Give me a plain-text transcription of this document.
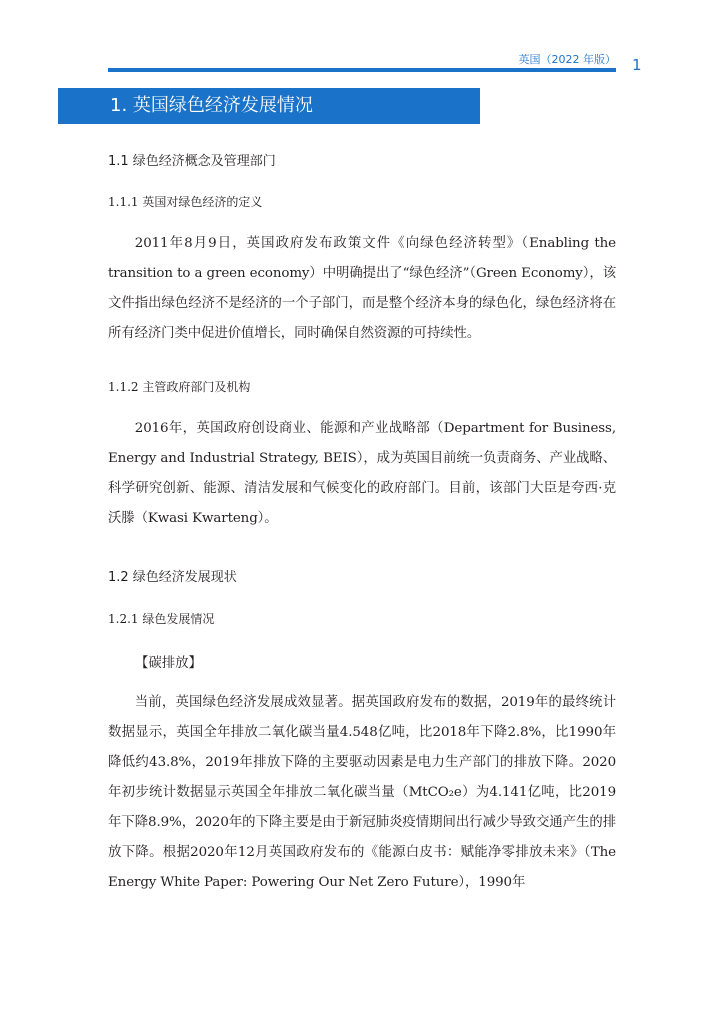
英国（2022 年版） 1
1. 英国绿色经济发展情况
1.1 绿色经济概念及管理部门
1.1.1 英国对绿色经济的定义
2011年8月9日，英国政府发布政策文件《向绿色经济转型》（Enabling the transition to a green economy）中明确提出了“绿色经济”（Green Economy），该文件指出绿色经济不是经济的一个子部门，而是整个经济本身的绿色化，绿色经济将在所有经济门类中促进价值增长，同时确保自然资源的可持续性。
1.1.2 主管政府部门及机构
2016年，英国政府创设商业、能源和产业战略部（Department for Business, Energy and Industrial Strategy, BEIS），成为英国目前统一负责商务、产业战略、科学研究创新、能源、清洁发展和气候变化的政府部门。目前，该部门大臣是夸西·克沃滕（Kwasi Kwarteng）。
1.2 绿色经济发展现状
1.2.1 绿色发展情况
【碳排放】
当前，英国绿色经济发展成效显著。据英国政府发布的数据，2019年的最终统计数据显示，英国全年排放二氧化碳当量4.548亿吨，比2018年下降2.8%，比1990年降低约43.8%，2019年排放下降的主要驱动因素是电力生产部门的排放下降。2020年初步统计数据显示英国全年排放二氧化碳当量（MtCO₂e）为4.141亿吨，比2019年下降8.9%，2020年的下降主要是由于新冠肺炎疫情期间出行减少导致交通产生的排放下降。根据2020年12月英国政府发布的《能源白皮书：赋能净零排放未来》（The Energy White Paper: Powering Our Net Zero Future），1990年
